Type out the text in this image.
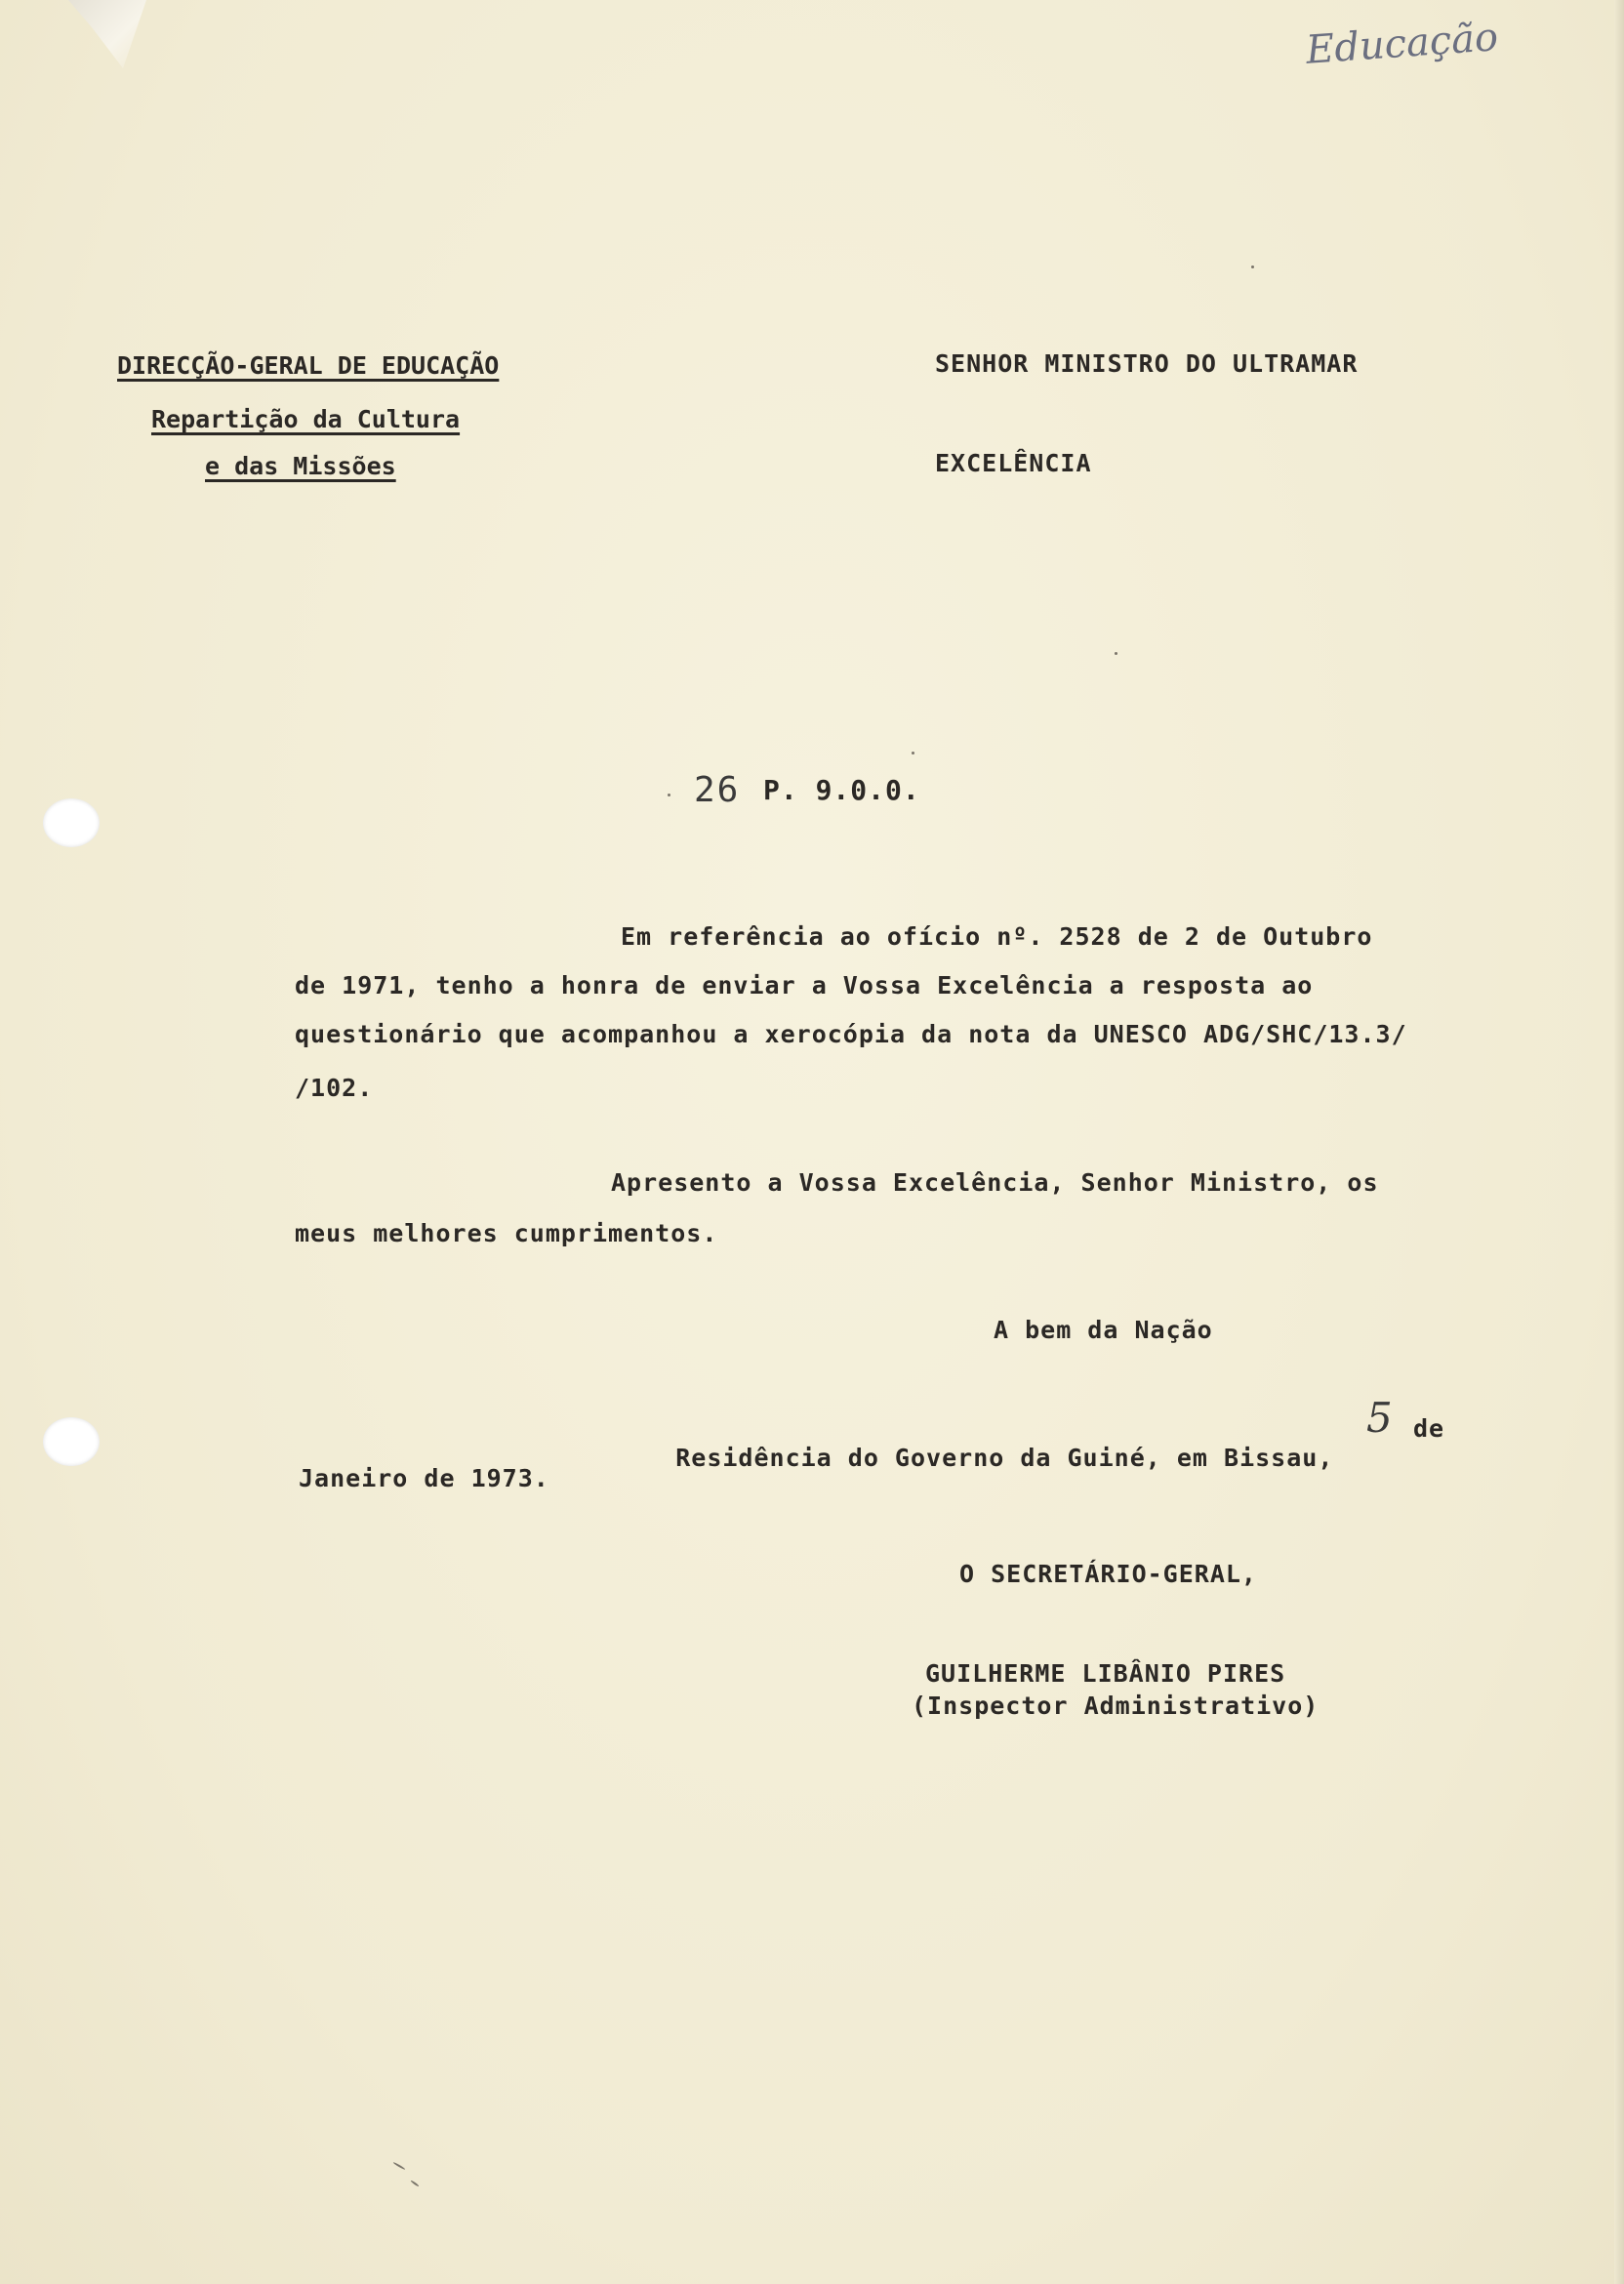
Educação
DIRECÇÃO-GERAL DE EDUCAÇÃO
Repartição da Cultura
e das Missões
SENHOR MINISTRO DO ULTRAMAR
EXCELÊNCIA
26 P. 9.0.0.
Em referência ao ofício nº. 2528 de 2 de Outubro
de 1971, tenho a honra de enviar a Vossa Excelência a resposta ao
questionário que acompanhou a xerocópia da nota da UNESCO ADG/SHC/13.3/
/102.
Apresento a Vossa Excelência, Senhor Ministro, os
meus melhores cumprimentos.
A bem da Nação

Residência do Governo da Guiné, em Bissau,

5 de
Janeiro de 1973.
O SECRETÁRIO-GERAL,
GUILHERME LIBÂNIO PIRES
(Inspector Administrativo)
